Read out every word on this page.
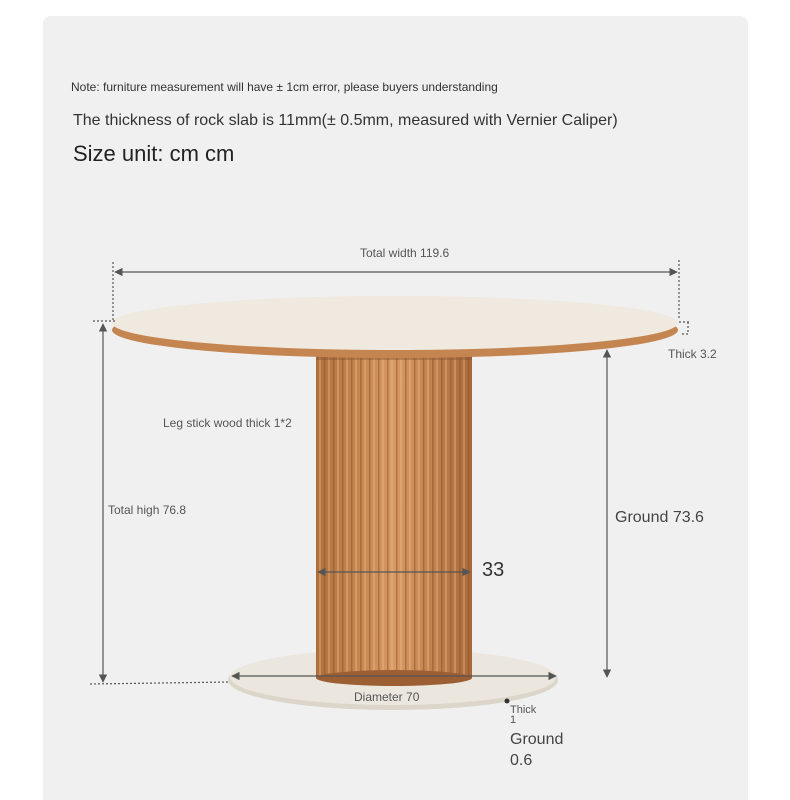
Note: furniture measurement will have ± 1cm error, please buyers understanding
The thickness of rock slab is 11mm(± 0.5mm, measured with Vernier Caliper)
Size unit: cm cm
Total width 119.6
Thick 3.2
Leg stick wood thick 1*2
Total high 76.8	Ground 73.6
33
Diameter 70
Thick
1
Ground
0.6
